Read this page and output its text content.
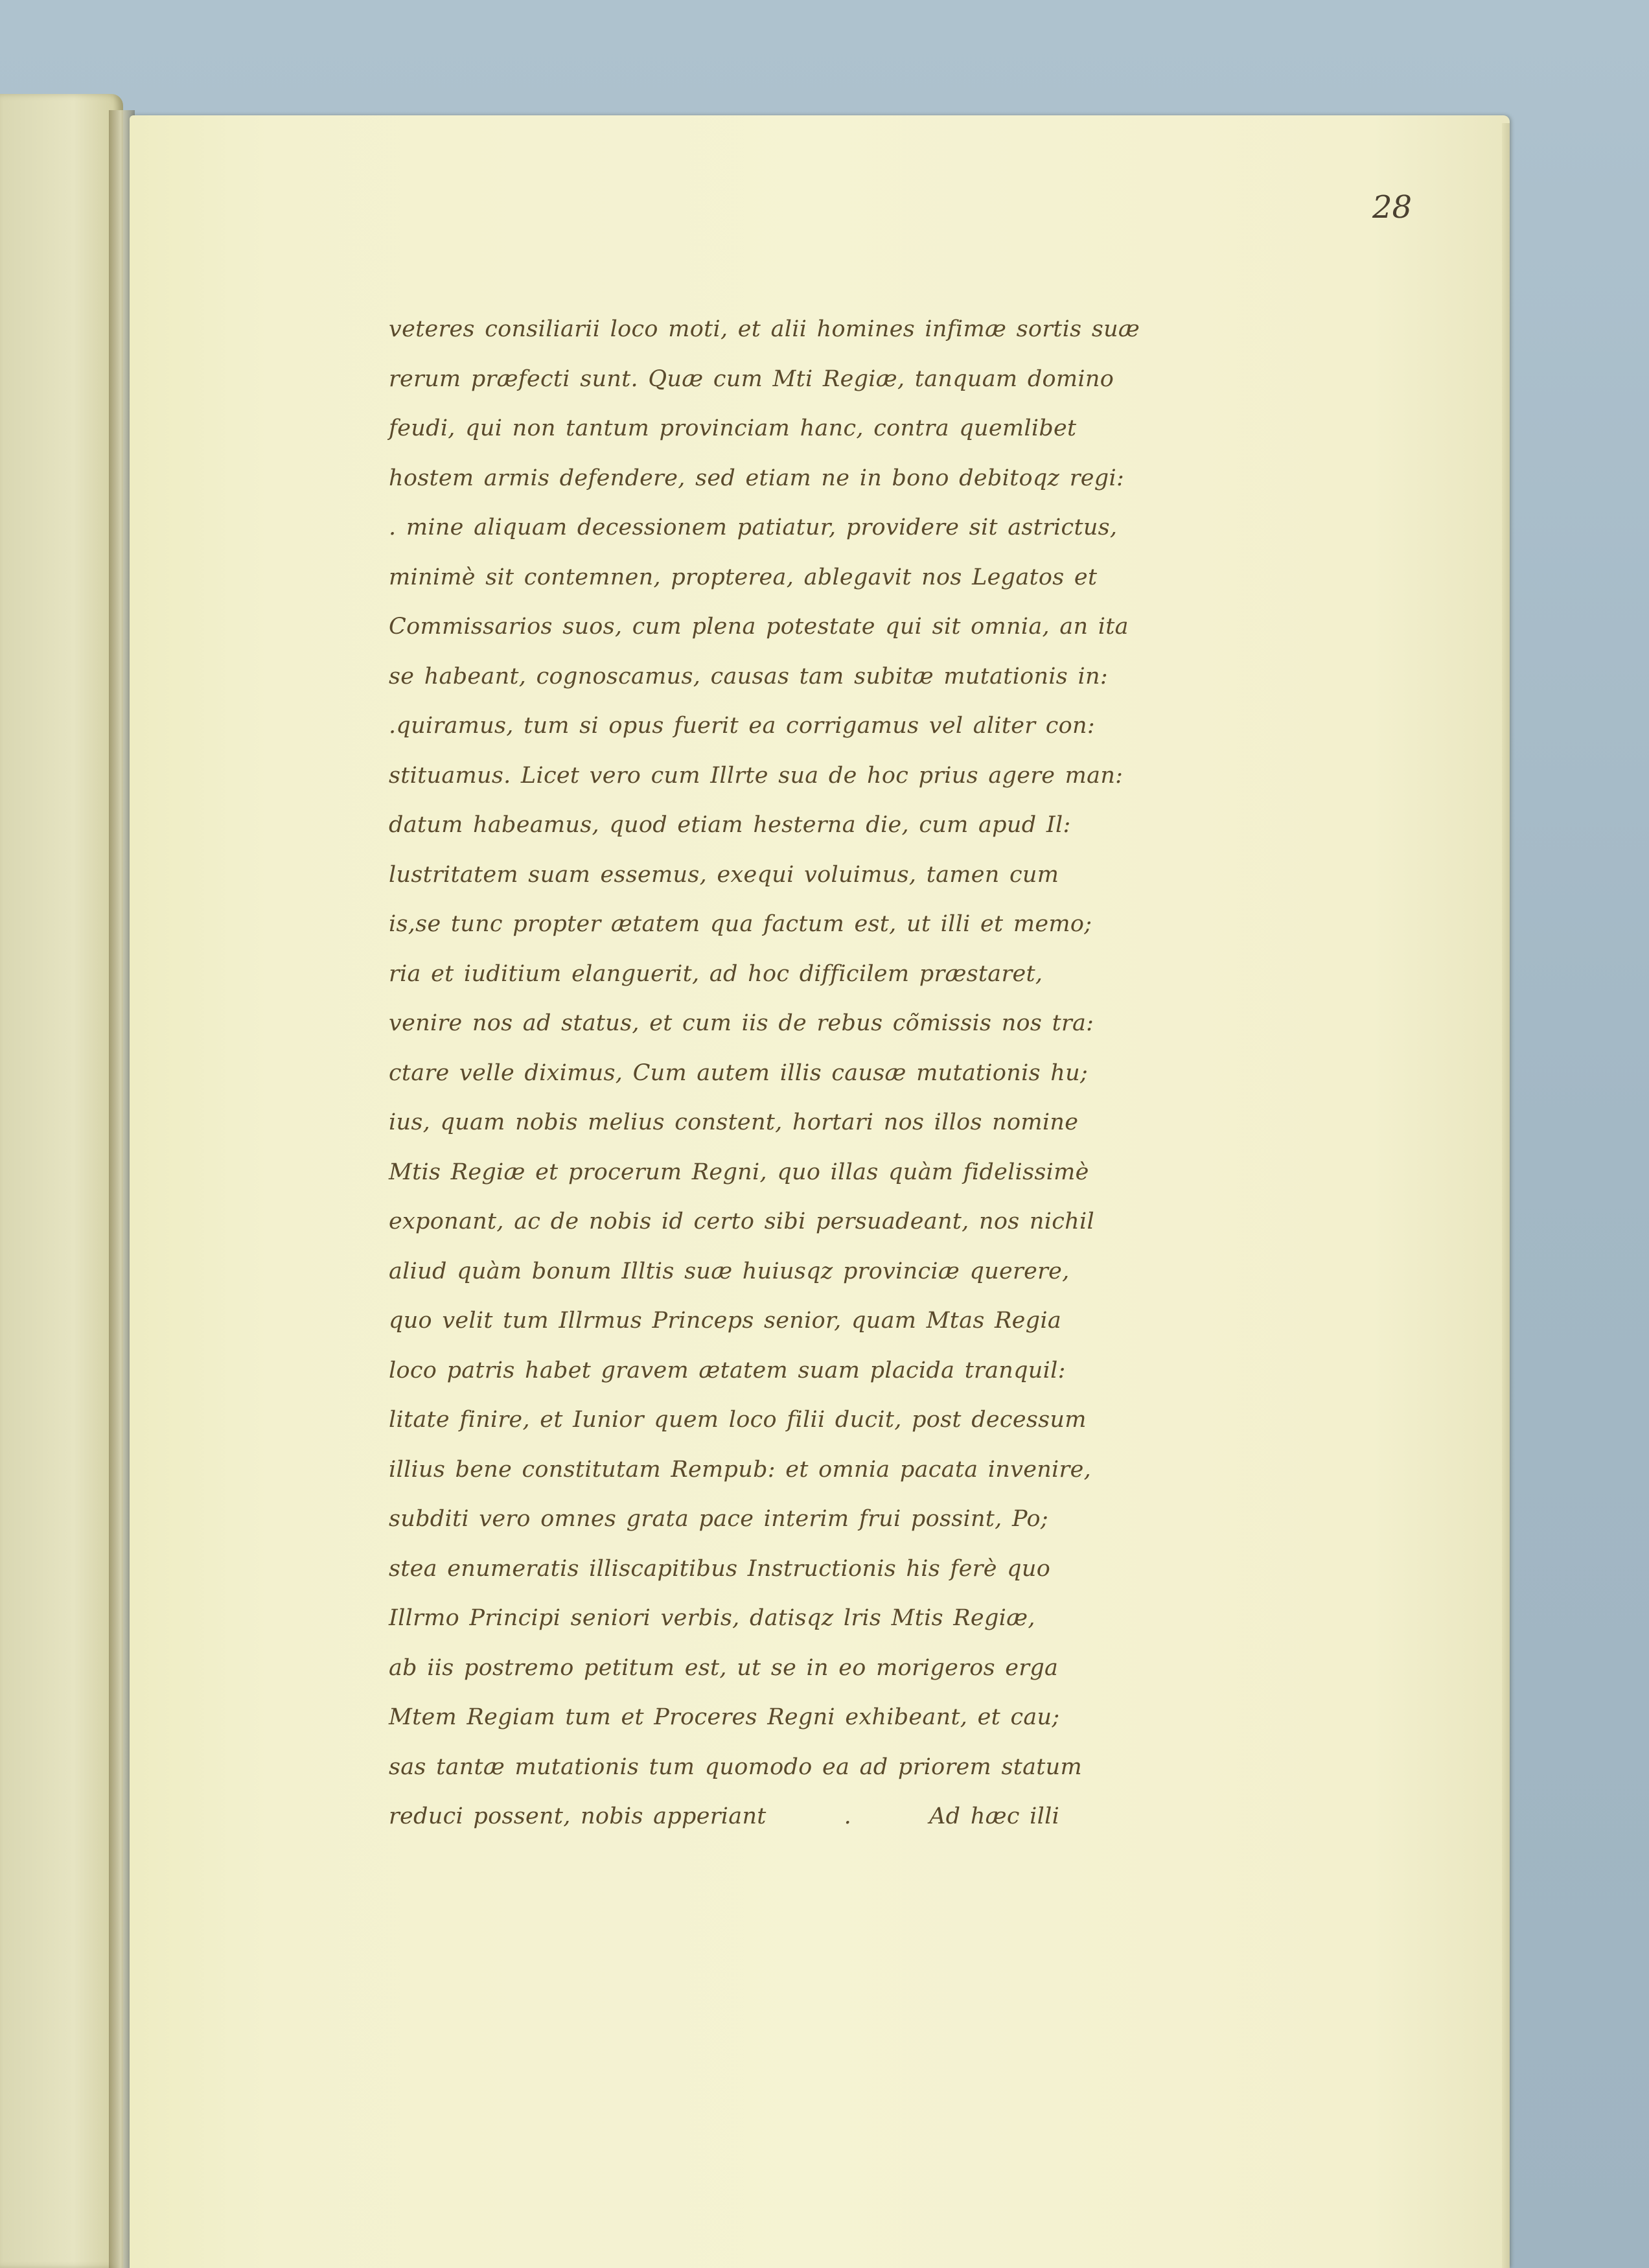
28
veteres consiliarii loco moti, et alii homines infimæ sortis suæ
rerum præfecti sunt. Quæ cum Mti Regiæ, tanquam domino
feudi, qui non tantum provinciam hanc, contra quemlibet
hostem armis defendere, sed etiam ne in bono debitoqz regi:
. mine aliquam decessionem patiatur, providere sit astrictus,
minimè sit contemnen, propterea, ablegavit nos Legatos et
Commissarios suos, cum plena potestate qui sit omnia, an ita
se habeant, cognoscamus, causas tam subitæ mutationis in:
.quiramus, tum si opus fuerit ea corrigamus vel aliter con:
stituamus. Licet vero cum Illrte sua de hoc prius agere man:
datum habeamus, quod etiam hesterna die, cum apud Il:
lustritatem suam essemus, exequi voluimus, tamen cum
is,se tunc propter ætatem qua factum est, ut illi et memo;
ria et iuditium elanguerit, ad hoc difficilem præstaret,
venire nos ad status, et cum iis de rebus cõmissis nos tra:
ctare velle diximus, Cum autem illis causæ mutationis hu;
ius, quam nobis melius constent, hortari nos illos nomine
Mtis Regiæ et procerum Regni, quo illas quàm fidelissimè
exponant, ac de nobis id certo sibi persuadeant, nos nichil
aliud quàm bonum Illtis suæ huiusqz provinciæ querere,
quo velit tum Illrmus Princeps senior, quam Mtas Regia
loco patris habet gravem ætatem suam placida tranquil:
litate finire, et Iunior quem loco filii ducit, post decessum
illius bene constitutam Rempub: et omnia pacata invenire,
subditi vero omnes grata pace interim frui possint, Po;
stea enumeratis illiscapitibus Instructionis his ferè quo
Illrmo Principi seniori verbis, datisqz lris Mtis Regiæ,
ab iis postremo petitum est, ut se in eo morigeros erga
Mtem Regiam tum et Proceres Regni exhibeant, et cau;
sas tantæ mutationis tum quomodo ea ad priorem statum
reduci possent, nobis apperiant	.	Ad hæc illi
